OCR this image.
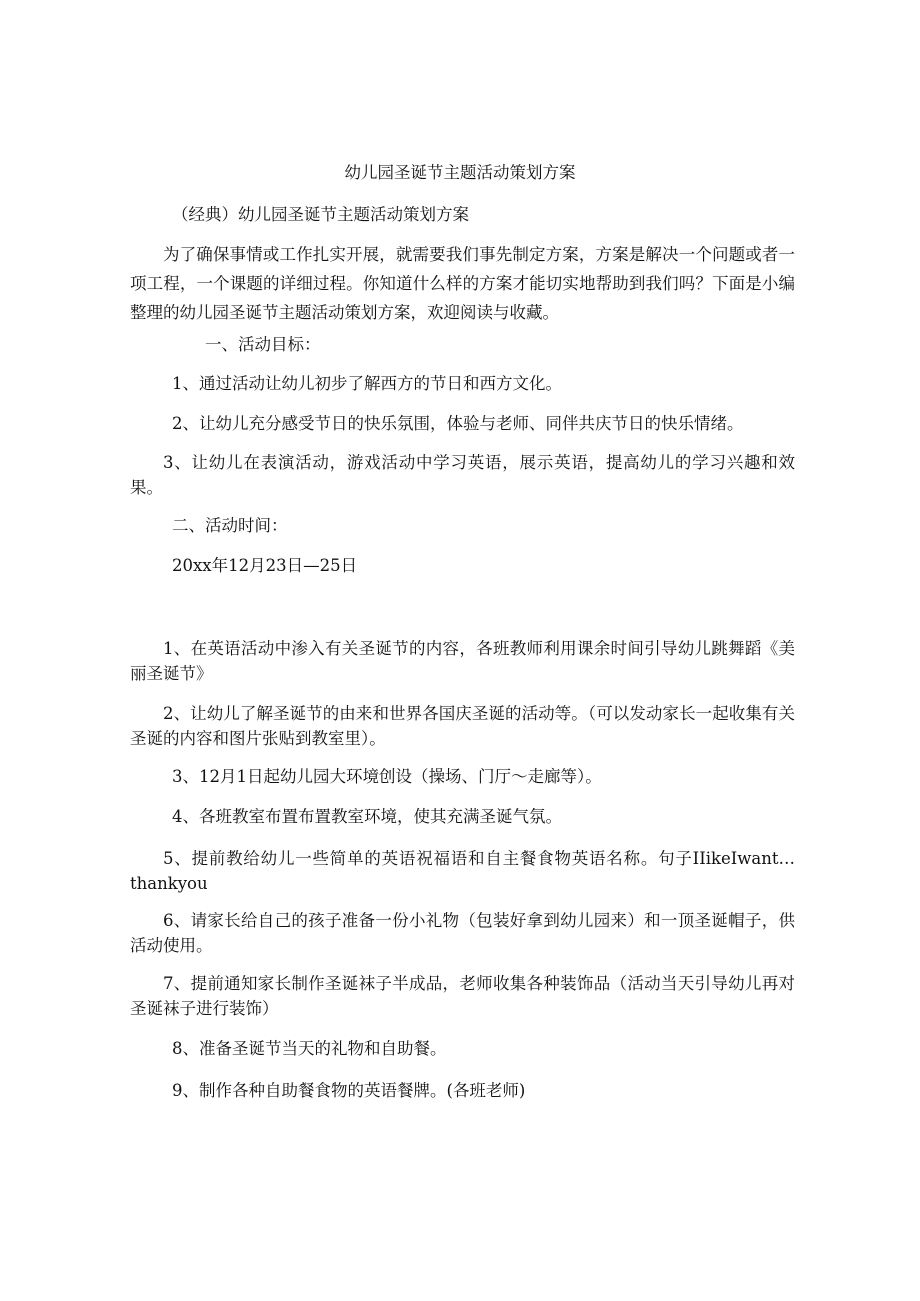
幼儿园圣诞节主题活动策划方案
（经典）幼儿园圣诞节主题活动策划方案
为了确保事情或工作扎实开展，就需要我们事先制定方案，方案是解决一个问题或者一项工程，一个课题的详细过程。你知道什么样的方案才能切实地帮助到我们吗？下面是小编整理的幼儿园圣诞节主题活动策划方案，欢迎阅读与收藏。
一、活动目标：
1、通过活动让幼儿初步了解西方的节日和西方文化。
2、让幼儿充分感受节日的快乐氛围，体验与老师、同伴共庆节日的快乐情绪。
3、让幼儿在表演活动，游戏活动中学习英语，展示英语，提高幼儿的学习兴趣和效果。
二、活动时间：
20xx年12月23日—25日
1、在英语活动中渗入有关圣诞节的内容，各班教师利用课余时间引导幼儿跳舞蹈《美丽圣诞节》
2、让幼儿了解圣诞节的由来和世界各国庆圣诞的活动等。（可以发动家长一起收集有关圣诞的内容和图片张贴到教室里）。
3、12月1日起幼儿园大环境创设（操场、门厅～走廊等）。
4、各班教室布置布置教室环境，使其充满圣诞气氛。
5、提前教给幼儿一些简单的英语祝福语和自主餐食物英语名称。句子IIikeIwant…thankyou
6、请家长给自己的孩子准备一份小礼物（包装好拿到幼儿园来）和一顶圣诞帽子，供活动使用。
7、提前通知家长制作圣诞袜子半成品，老师收集各种装饰品（活动当天引导幼儿再对圣诞袜子进行装饰）
8、准备圣诞节当天的礼物和自助餐。
9、制作各种自助餐食物的英语餐牌。(各班老师)
